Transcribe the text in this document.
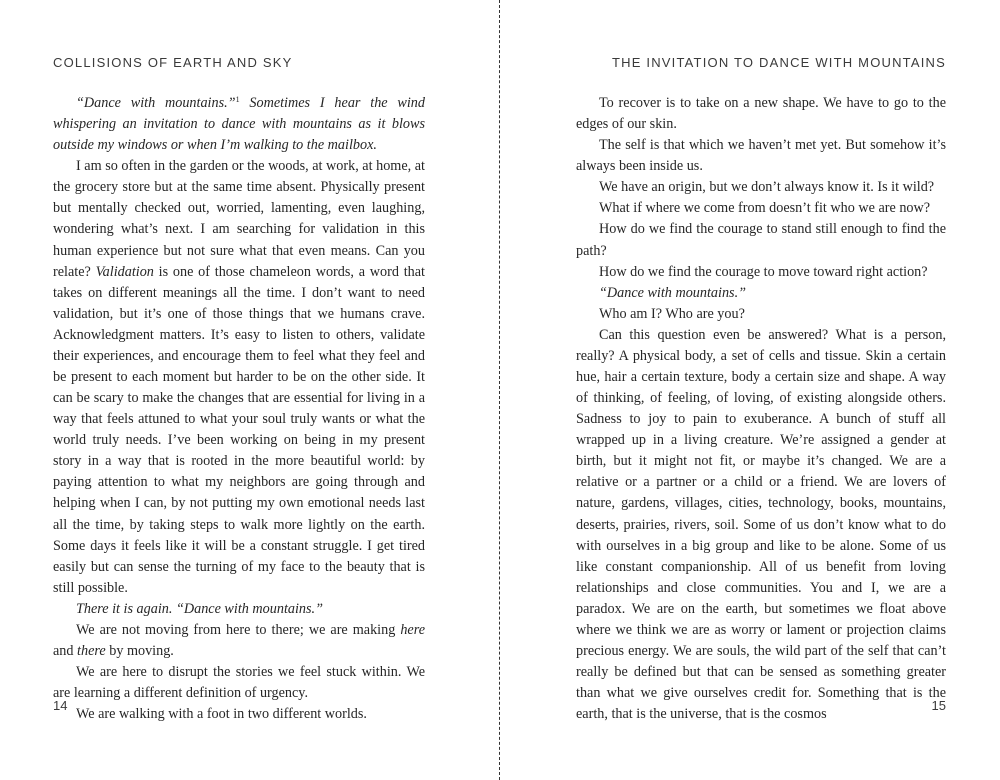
COLLISIONS OF EARTH AND SKY

“Dance with mountains.”$^1$ Sometimes I hear the wind whispering an invitation to dance with mountains as it blows outside my windows or when I’m walking to the mailbox.

I am so often in the garden or the woods, at work, at home, at the grocery store but at the same time absent. Physically present but mentally checked out, worried, lamenting, even laughing, wondering what’s next. I am searching for validation in this human experience but not sure what that even means. Can you relate? Validation is one of those chameleon words, a word that takes on different meanings all the time. I don’t want to need validation, but it’s one of those things that we humans crave. Acknowledgment matters. It’s easy to listen to others, validate their experiences, and encourage them to feel what they feel and be present to each moment but harder to be on the other side. It can be scary to make the changes that are essential for living in a way that feels attuned to what your soul truly wants or what the world truly needs. I’ve been working on being in my present story in a way that is rooted in the more beautiful world: by paying attention to what my neighbors are going through and helping when I can, by not putting my own emotional needs last all the time, by taking steps to walk more lightly on the earth. Some days it feels like it will be a constant struggle. I get tired easily but can sense the turning of my face to the beauty that is still possible.

There it is again. “Dance with mountains.”

We are not moving from here to there; we are making here and there by moving.

We are here to disrupt the stories we feel stuck within. We are learning a different definition of urgency.

We are walking with a foot in two different worlds.

14
THE INVITATION TO DANCE WITH MOUNTAINS

To recover is to take on a new shape. We have to go to the edges of our skin.

The self is that which we haven’t met yet. But somehow it’s always been inside us.

We have an origin, but we don’t always know it. Is it wild?

What if where we come from doesn’t fit who we are now?

How do we find the courage to stand still enough to find the path?

How do we find the courage to move toward right action?

“Dance with mountains.”

Who am I? Who are you?

Can this question even be answered? What is a person, really? A physical body, a set of cells and tissue. Skin a certain hue, hair a certain texture, body a certain size and shape. A way of thinking, of feeling, of loving, of existing alongside others. Sadness to joy to pain to exuberance. A bunch of stuff all wrapped up in a living creature. We’re assigned a gender at birth, but it might not fit, or maybe it’s changed. We are a relative or a partner or a child or a friend. We are lovers of nature, gardens, villages, cities, technology, books, mountains, deserts, prairies, rivers, soil. Some of us don’t know what to do with ourselves in a big group and like to be alone. Some of us like constant companionship. All of us benefit from loving relationships and close communities. You and I, we are a paradox. We are on the earth, but sometimes we float above where we think we are as worry or lament or projection claims precious energy. We are souls, the wild part of the self that can’t really be defined but that can be sensed as something greater than what we give ourselves credit for. Something that is the earth, that is the universe, that is the cosmos

15
